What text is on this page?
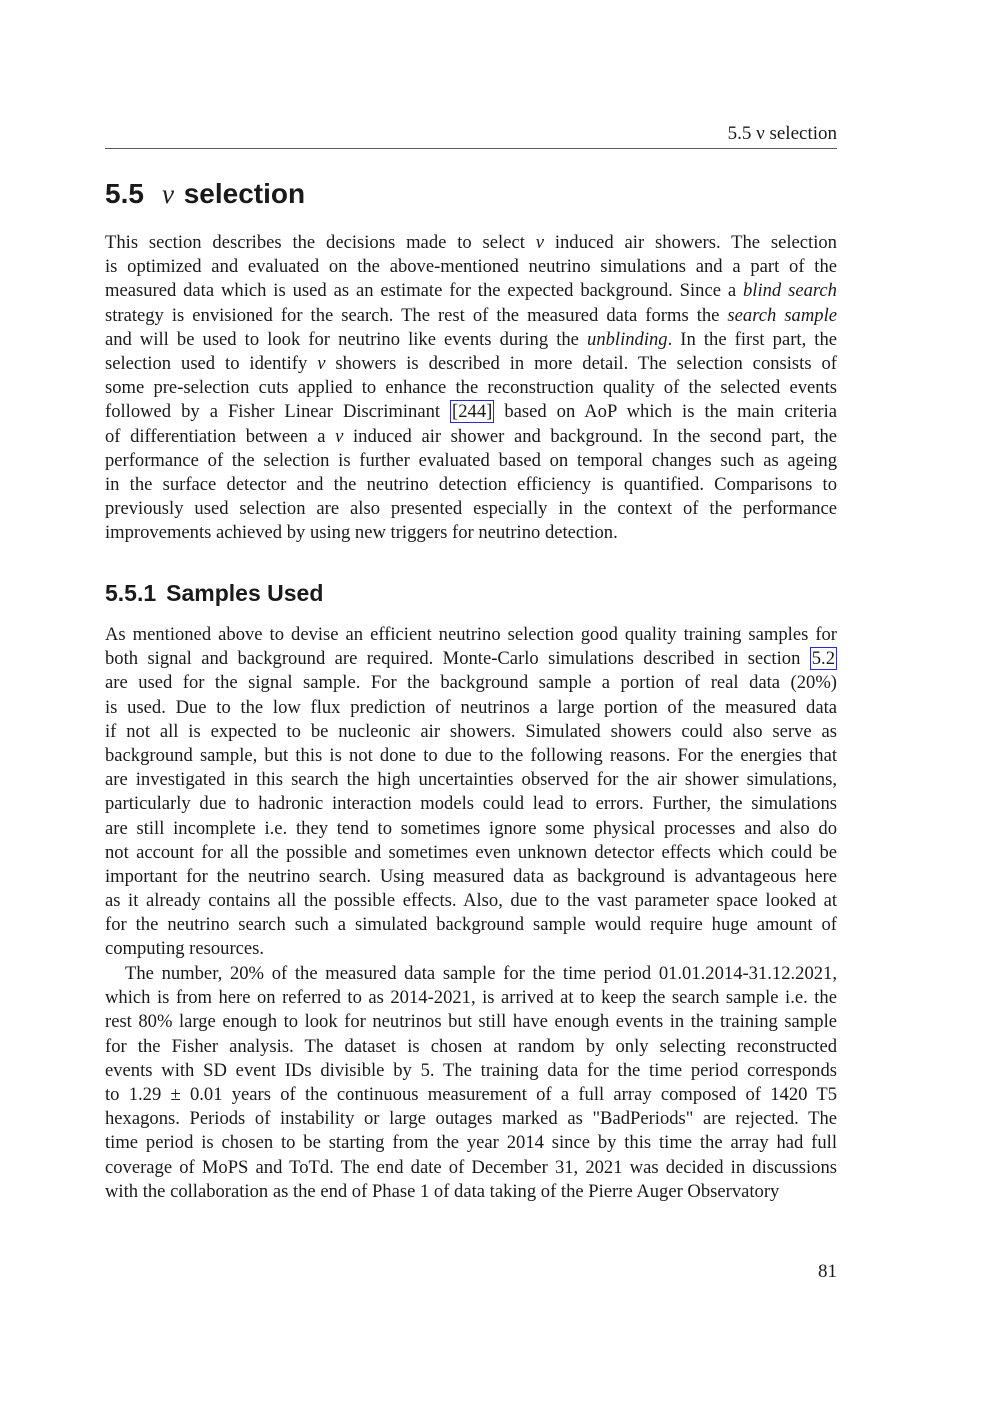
5.5 ν selection
5.5 ν selection
This section describes the decisions made to select ν induced air showers. The selection
is optimized and evaluated on the above-mentioned neutrino simulations and a part of the
measured data which is used as an estimate for the expected background. Since a blind search
strategy is envisioned for the search. The rest of the measured data forms the search sample
and will be used to look for neutrino like events during the unblinding. In the first part, the
selection used to identify ν showers is described in more detail. The selection consists of
some pre-selection cuts applied to enhance the reconstruction quality of the selected events
followed by a Fisher Linear Discriminant [244] based on AoP which is the main criteria
of differentiation between a ν induced air shower and background. In the second part, the
performance of the selection is further evaluated based on temporal changes such as ageing
in the surface detector and the neutrino detection efficiency is quantified. Comparisons to
previously used selection are also presented especially in the context of the performance
improvements achieved by using new triggers for neutrino detection.
5.5.1 Samples Used
As mentioned above to devise an efficient neutrino selection good quality training samples for
both signal and background are required. Monte-Carlo simulations described in section 5.2
are used for the signal sample. For the background sample a portion of real data (20%)
is used. Due to the low flux prediction of neutrinos a large portion of the measured data
if not all is expected to be nucleonic air showers. Simulated showers could also serve as
background sample, but this is not done to due to the following reasons. For the energies that
are investigated in this search the high uncertainties observed for the air shower simulations,
particularly due to hadronic interaction models could lead to errors. Further, the simulations
are still incomplete i.e. they tend to sometimes ignore some physical processes and also do
not account for all the possible and sometimes even unknown detector effects which could be
important for the neutrino search. Using measured data as background is advantageous here
as it already contains all the possible effects. Also, due to the vast parameter space looked at
for the neutrino search such a simulated background sample would require huge amount of
computing resources.
The number, 20% of the measured data sample for the time period 01.01.2014-31.12.2021,
which is from here on referred to as 2014-2021, is arrived at to keep the search sample i.e. the
rest 80% large enough to look for neutrinos but still have enough events in the training sample
for the Fisher analysis. The dataset is chosen at random by only selecting reconstructed
events with SD event IDs divisible by 5. The training data for the time period corresponds
to 1.29 ± 0.01 years of the continuous measurement of a full array composed of 1420 T5
hexagons. Periods of instability or large outages marked as "BadPeriods" are rejected. The
time period is chosen to be starting from the year 2014 since by this time the array had full
coverage of MoPS and ToTd. The end date of December 31, 2021 was decided in discussions
with the collaboration as the end of Phase 1 of data taking of the Pierre Auger Observatory
81
